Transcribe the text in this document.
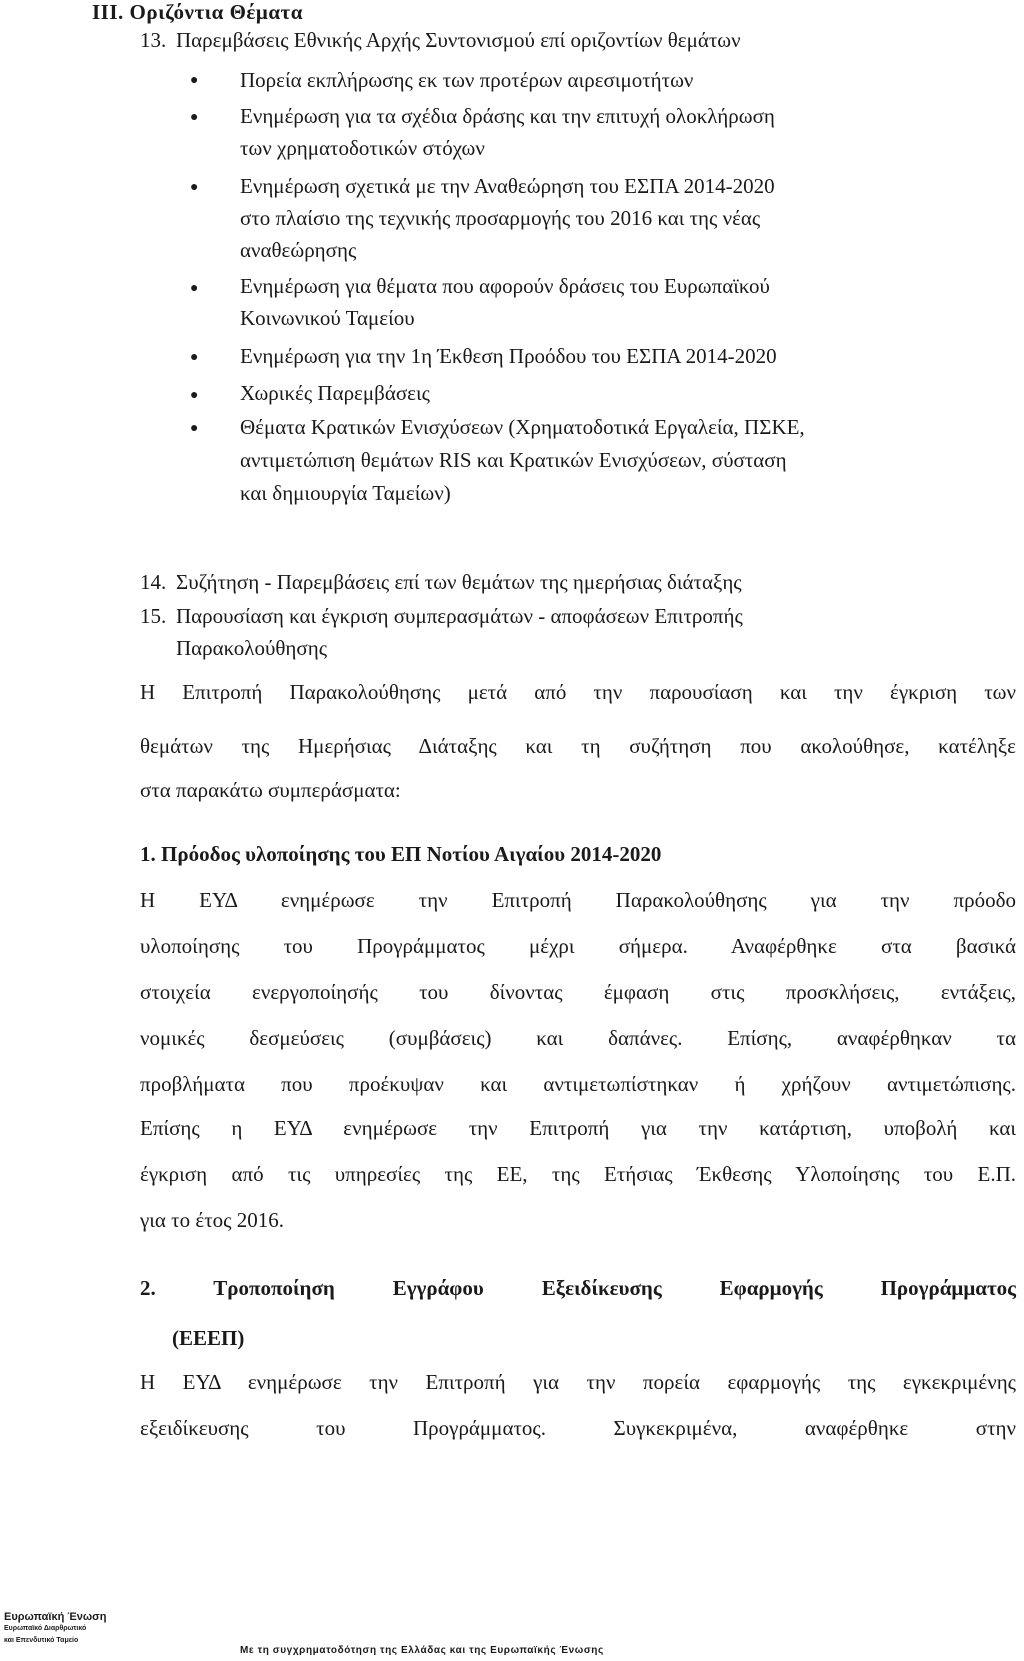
III. Οριζόντια Θέματα
13. Παρεμβάσεις Εθνικής Αρχής Συντονισμού επί οριζοντίων θεμάτων
● Πορεία εκπλήρωσης εκ των προτέρων αιρεσιμοτήτων
● Ενημέρωση για τα σχέδια δράσης και την επιτυχή ολοκλήρωση
των χρηματοδοτικών στόχων
● Ενημέρωση σχετικά με την Αναθεώρηση του ΕΣΠΑ 2014-2020
στο πλαίσιο της τεχνικής προσαρμογής του 2016 και της νέας
αναθεώρησης
● Ενημέρωση για θέματα που αφορούν δράσεις του Ευρωπαϊκού
Κοινωνικού Ταμείου
● Ενημέρωση για την 1η Έκθεση Προόδου του ΕΣΠΑ 2014-2020
● Χωρικές Παρεμβάσεις
● Θέματα Κρατικών Ενισχύσεων (Χρηματοδοτικά Εργαλεία, ΠΣΚΕ,
αντιμετώπιση θεμάτων RIS και Κρατικών Ενισχύσεων, σύσταση
και δημιουργία Ταμείων)
14. Συζήτηση - Παρεμβάσεις επί των θεμάτων της ημερήσιας διάταξης
15. Παρουσίαση και έγκριση συμπερασμάτων - αποφάσεων Επιτροπής
Παρακολούθησης
Η Επιτροπή Παρακολούθησης μετά από την παρουσίαση και την έγκριση των
θεμάτων της Ημερήσιας Διάταξης και τη συζήτηση που ακολούθησε, κατέληξε
στα παρακάτω συμπεράσματα:
1. Πρόοδος υλοποίησης του ΕΠ Νοτίου Αιγαίου 2014-2020
Η ΕΥΔ ενημέρωσε την Επιτροπή Παρακολούθησης για την πρόοδο
υλοποίησης του Προγράμματος μέχρι σήμερα. Αναφέρθηκε στα βασικά
στοιχεία ενεργοποίησής του δίνοντας έμφαση στις προσκλήσεις, εντάξεις,
νομικές δεσμεύσεις (συμβάσεις) και δαπάνες. Επίσης, αναφέρθηκαν τα
προβλήματα που προέκυψαν και αντιμετωπίστηκαν ή χρήζουν αντιμετώπισης.
Επίσης η ΕΥΔ ενημέρωσε την Επιτροπή για την κατάρτιση, υποβολή και
έγκριση από τις υπηρεσίες της ΕΕ, της Ετήσιας Έκθεσης Υλοποίησης του Ε.Π.
για το έτος 2016.
2. Τροποποίηση Εγγράφου Εξειδίκευσης Εφαρμογής Προγράμματος
(ΕΕΕΠ)
Η ΕΥΔ ενημέρωσε την Επιτροπή για την πορεία εφαρμογής της εγκεκριμένης
εξειδίκευσης του Προγράμματος. Συγκεκριμένα, αναφέρθηκε στην
Ευρωπαϊκή Ένωση
Ευρωπαϊκό Διαρθρωτικό
και Επενδυτικό Ταμείο
Με τη συγχρηματοδότηση της Ελλάδας και της Ευρωπαϊκής Ένωσης
